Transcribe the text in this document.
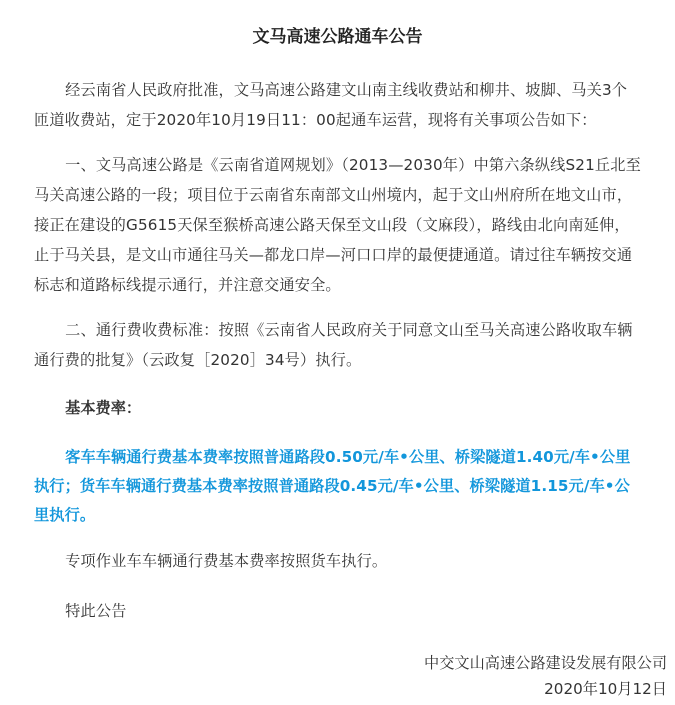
文马高速公路通车公告

经云南省人民政府批准，文马高速公路建文山南主线收费站和柳井、坡脚、马关3个匝道收费站，定于2020年10月19日11：00起通车运营，现将有关事项公告如下：

一、文马高速公路是《云南省道网规划》（2013—2030年）中第六条纵线S21丘北至马关高速公路的一段；项目位于云南省东南部文山州境内，起于文山州府所在地文山市，接正在建设的G5615天保至猴桥高速公路天保至文山段（文麻段），路线由北向南延伸，止于马关县，是文山市通往马关—都龙口岸—河口口岸的最便捷通道。请过往车辆按交通标志和道路标线提示通行，并注意交通安全。

二、通行费收费标准：按照《云南省人民政府关于同意文山至马关高速公路收取车辆通行费的批复》（云政复［2020］34号）执行。

基本费率：

客车车辆通行费基本费率按照普通路段0.50元/车•公里、桥梁隧道1.40元/车•公里执行；货车车辆通行费基本费率按照普通路段0.45元/车•公里、桥梁隧道1.15元/车•公里执行。

专项作业车车辆通行费基本费率按照货车执行。

特此公告

中交文山高速公路建设发展有限公司
2020年10月12日
